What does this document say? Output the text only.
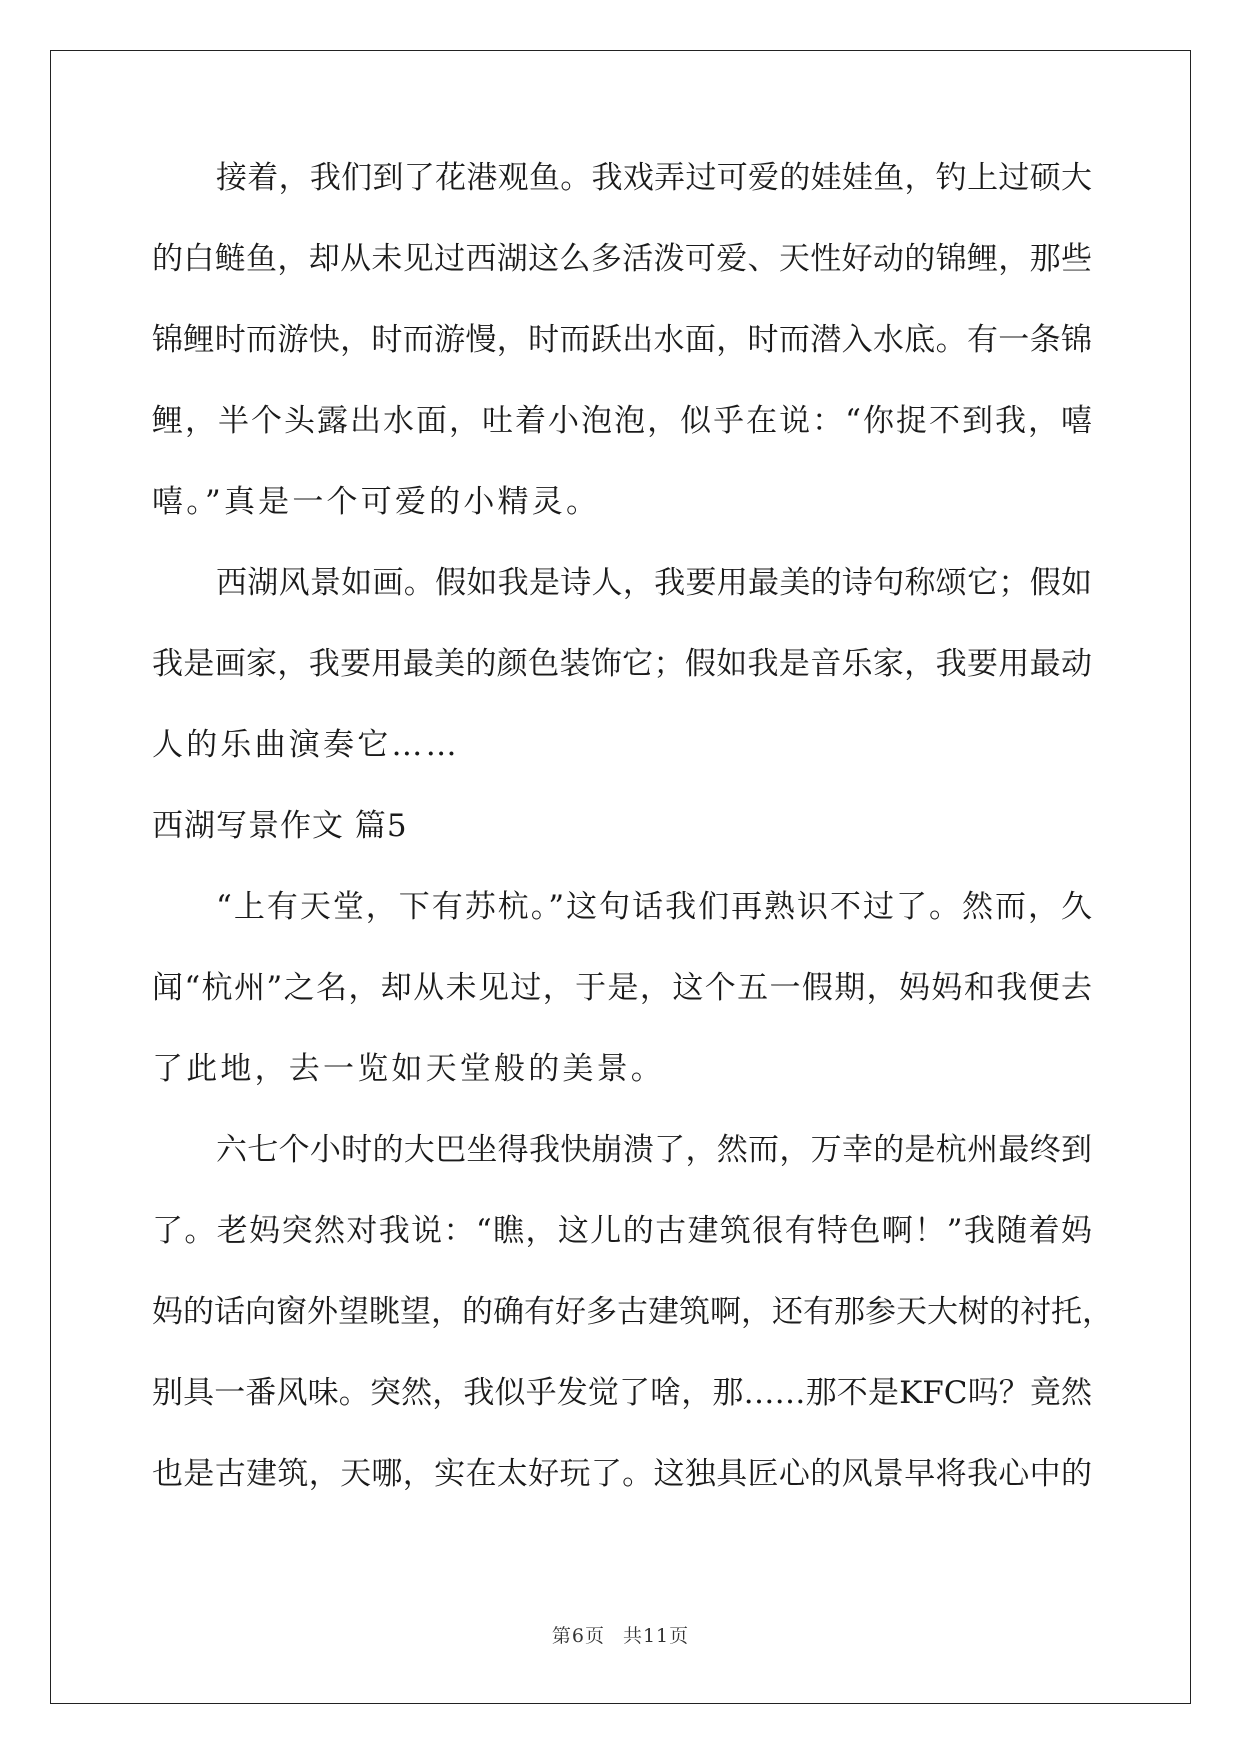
接着，我们到了花港观鱼。我戏弄过可爱的娃娃鱼，钓上过硕大
的白鲢鱼，却从未见过西湖这么多活泼可爱、天性好动的锦鲤，那些
锦鲤时而游快，时而游慢，时而跃出水面，时而潜入水底。有一条锦
鲤，半个头露出水面，吐着小泡泡，似乎在说：“你捉不到我，嘻
嘻。”真是一个可爱的小精灵。
西湖风景如画。假如我是诗人，我要用最美的诗句称颂它；假如
我是画家，我要用最美的颜色装饰它；假如我是音乐家，我要用最动
人的乐曲演奏它……
西湖写景作文 篇5
“上有天堂，下有苏杭。”这句话我们再熟识不过了。然而，久
闻“杭州”之名，却从未见过，于是，这个五一假期，妈妈和我便去
了此地，去一览如天堂般的美景。
六七个小时的大巴坐得我快崩溃了，然而，万幸的是杭州最终到
了。老妈突然对我说：“瞧，这儿的古建筑很有特色啊！”我随着妈
妈的话向窗外望眺望，的确有好多古建筑啊，还有那参天大树的衬托，
别具一番风味。突然，我似乎发觉了啥，那……那不是KFC吗？竟然
也是古建筑，天哪，实在太好玩了。这独具匠心的风景早将我心中的
第6页 共11页
